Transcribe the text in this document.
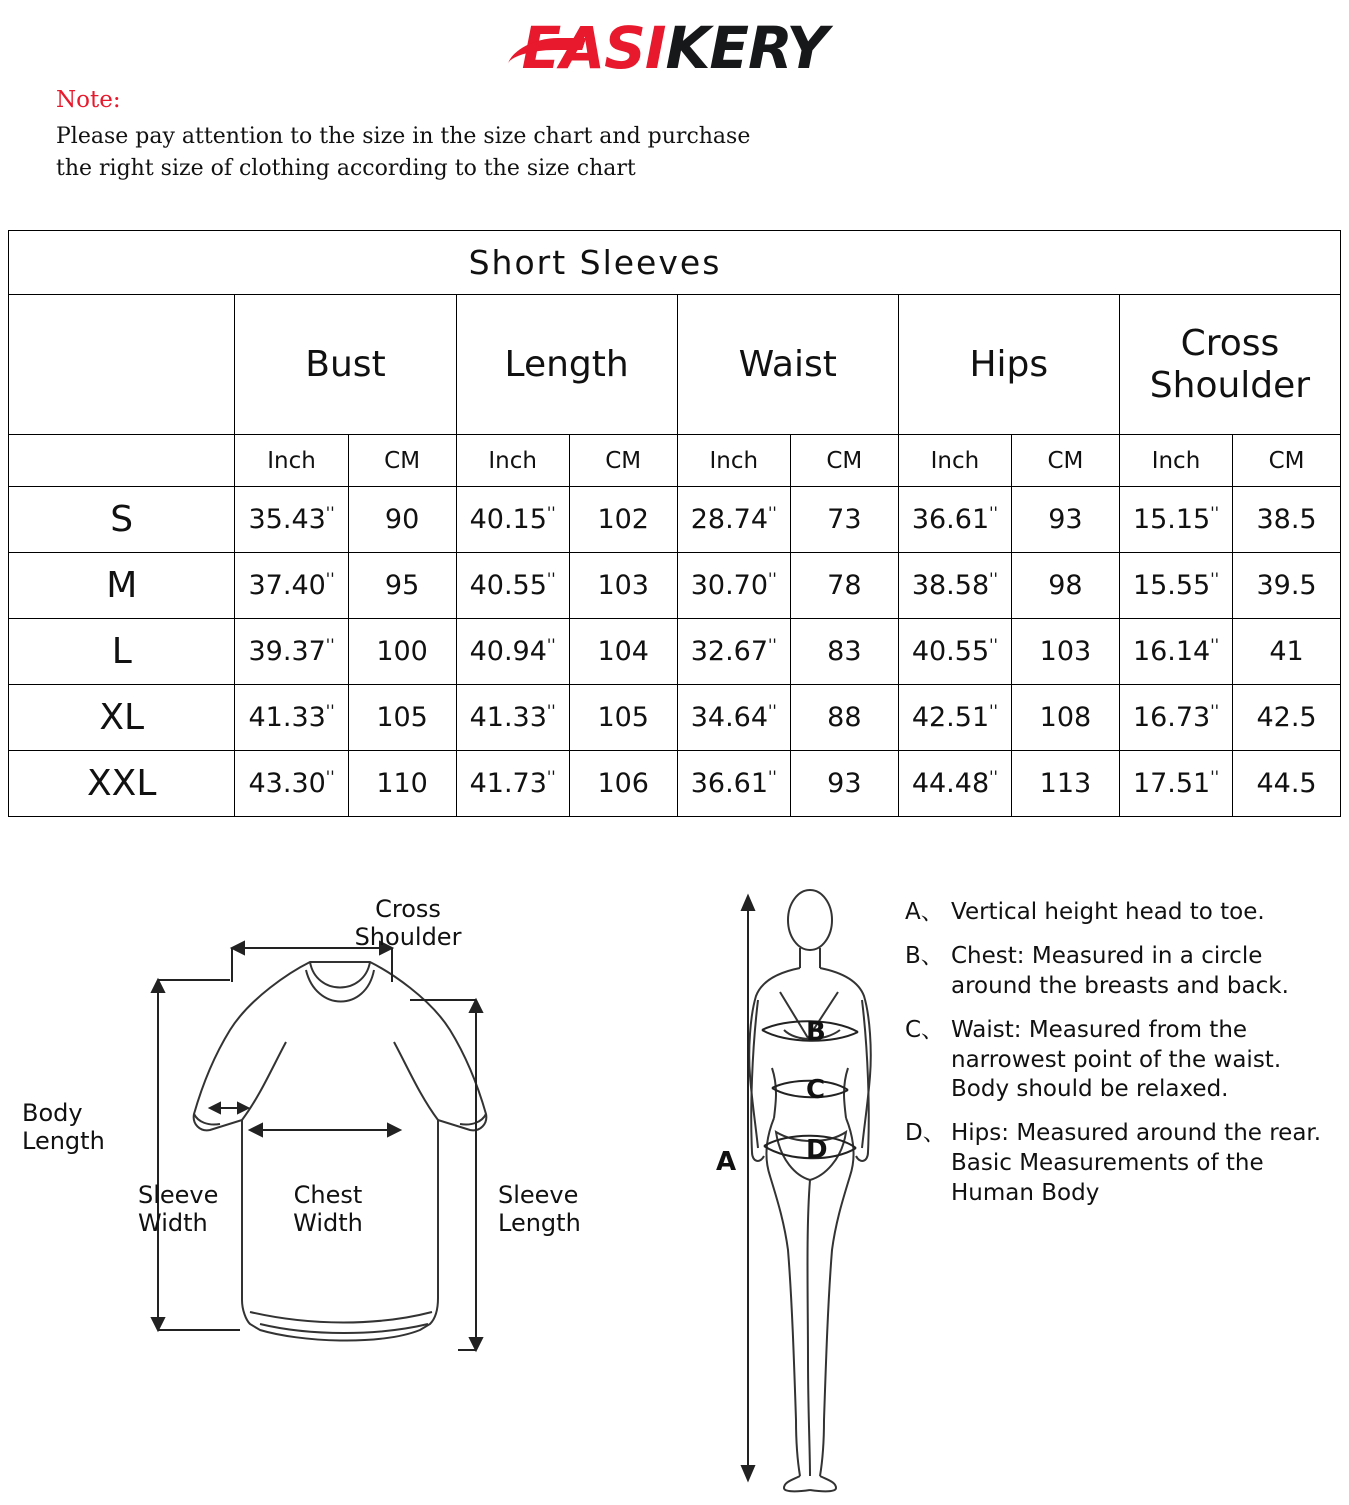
EASIKERY
Note:
Please pay attention to the size in the size chart and purchase
the right size of clothing according to the size chart
Short Sleeves										
	Bust		Length		Waist		Hips		Cross Shoulder	
	Inch	CM	Inch	CM	Inch	CM	Inch	CM	Inch	CM
S	35.43''	90	40.15''	102	28.74''	73	36.61''	93	15.15''	38.5
M	37.40''	95	40.55''	103	30.70''	78	38.58''	98	15.55''	39.5
L	39.37''	100	40.94''	104	32.67''	83	40.55''	103	16.14''	41
XL	41.33''	105	41.33''	105	34.64''	88	42.51''	108	16.73''	42.5
XXL	43.30''	110	41.73''	106	36.61''	93	44.48''	113	17.51''	44.5
Cross
Shoulder
Body
Length
Sleeve
Width
Chest
Width
Sleeve
Length
A
B
C
D
A、 Vertical height head to toe.
B、 Chest: Measured in a circle around the breasts and back.
C、 Waist: Measured from the narrowest point of the waist. Body should be relaxed.
D、 Hips: Measured around the rear. Basic Measurements of the Human Body
